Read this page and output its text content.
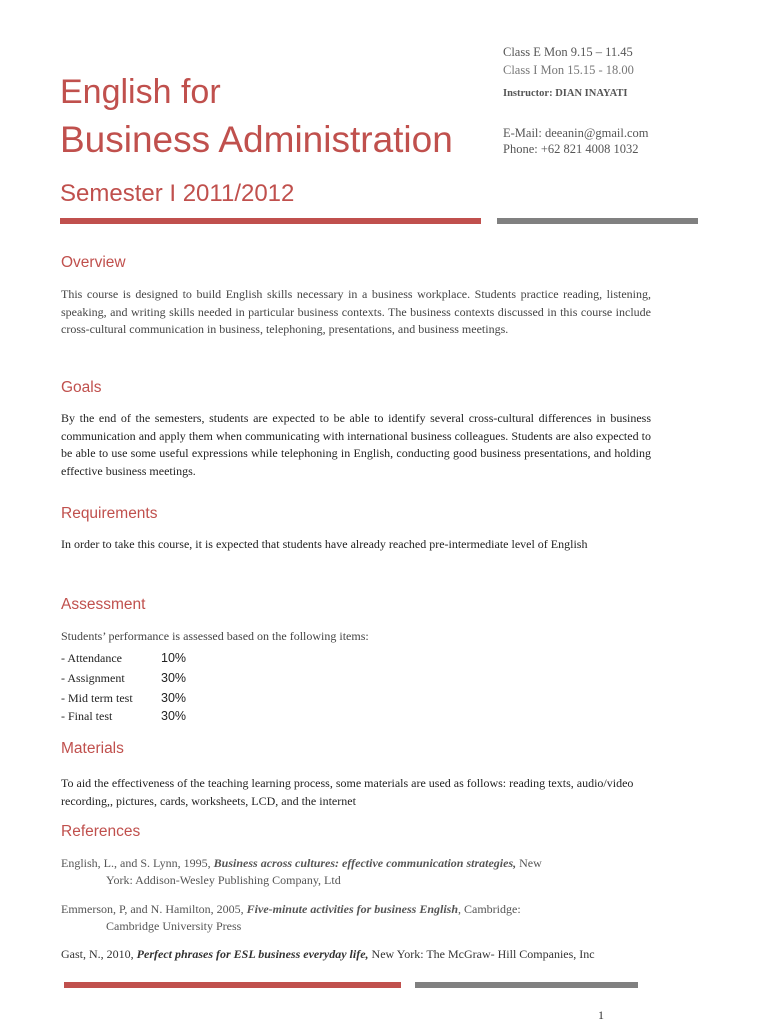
English for
Business Administration
Semester I 2011/2012
Class E Mon 9.15 – 11.45
Class I Mon 15.15 - 18.00
Instructor: DIAN INAYATI
E-Mail: deeanin@gmail.com
Phone: +62 821 4008 1032
Overview

This course is designed to build English skills necessary in a business workplace. Students practice reading, listening, speaking, and writing skills needed in particular business contexts. The business contexts discussed in this course include cross-cultural communication in business, telephoning, presentations, and business meetings.

Goals

By the end of the semesters, students are expected to be able to identify several cross-cultural differences in business communication and apply them when communicating with international business colleagues. Students are also expected to be able to use some useful expressions while telephoning in English, conducting good business presentations, and holding effective business meetings.

Requirements

In order to take this course, it is expected that students have already reached pre-intermediate level of English

Assessment

Students’ performance is assessed based on the following items:

- Attendance	10%
- Assignment	30%
- Mid term test 30%
- Final test	30%
Materials

To aid the effectiveness of the teaching learning process, some materials are used as follows: reading texts, audio/video recording,, pictures, cards, worksheets, LCD, and the internet

References

English, L., and S. Lynn, 1995, Business across cultures: effective communication strategies, New
York: Addison-Wesley Publishing Company, Ltd

Emmerson, P, and N. Hamilton, 2005, Five-minute activities for business English, Cambridge:
Cambridge University Press

Gast, N., 2010, Perfect phrases for ESL business everyday life, New York: The McGraw- Hill Companies, Inc

1
